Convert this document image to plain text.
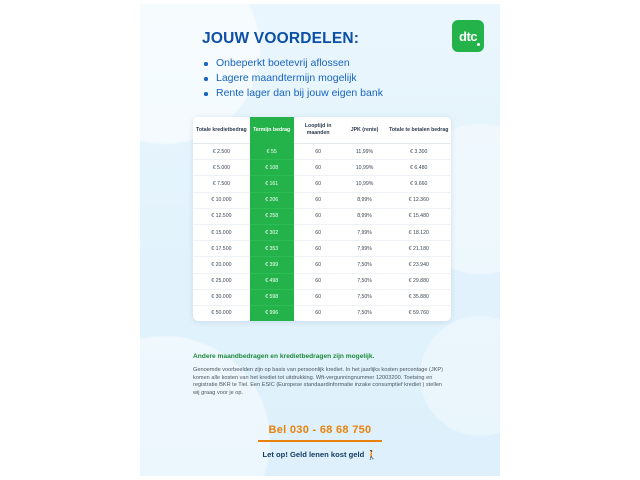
dtc
JOUW VOORDELEN:
Onbeperkt boetevrij aflossen
Lagere maandtermijn mogelijk
Rente lager dan bij jouw eigen bank
Totale kredietbedrag	Termijn bedrag	Looptijd in maanden	JPK (rente)	Totale te betalen bedrag
€ 2.500	€ 55	60	11,99%	€ 3.300
€ 5.000	€ 108	60	10,99%	€ 6.480
€ 7.500	€ 161	60	10,99%	€ 9.660
€ 10.000	€ 206	60	8,99%	€ 12.360
€ 12.500	€ 258	60	8,99%	€ 15.480
€ 15.000	€ 302	60	7,99%	€ 18.120
€ 17.500	€ 353	60	7,99%	€ 21.180
€ 20.000	€ 399	60	7,50%	€ 23.940
€ 25.000	€ 498	60	7,50%	€ 29.880
€ 30.000	€ 598	60	7,50%	€ 35.880
€ 50.000	€ 996	60	7,50%	€ 59.760
Andere maandbedragen en kredietbedragen zijn mogelijk.
Genoemde voorbeelden zijn op basis van persoonlijk krediet. In het jaarlijks kosten percentage (JKP) komen alle kosten van het krediet tot uitdrukking. Wft-vergunningnummer 12003200. Toetsing en registratie BKR te Tiel. Een ESIC (Europese standaardinformatie inzake consumptief krediet ) stellen wij graag voor je op.
Bel 030 - 68 68 750
Let op! Geld lenen kost geld 🚶
